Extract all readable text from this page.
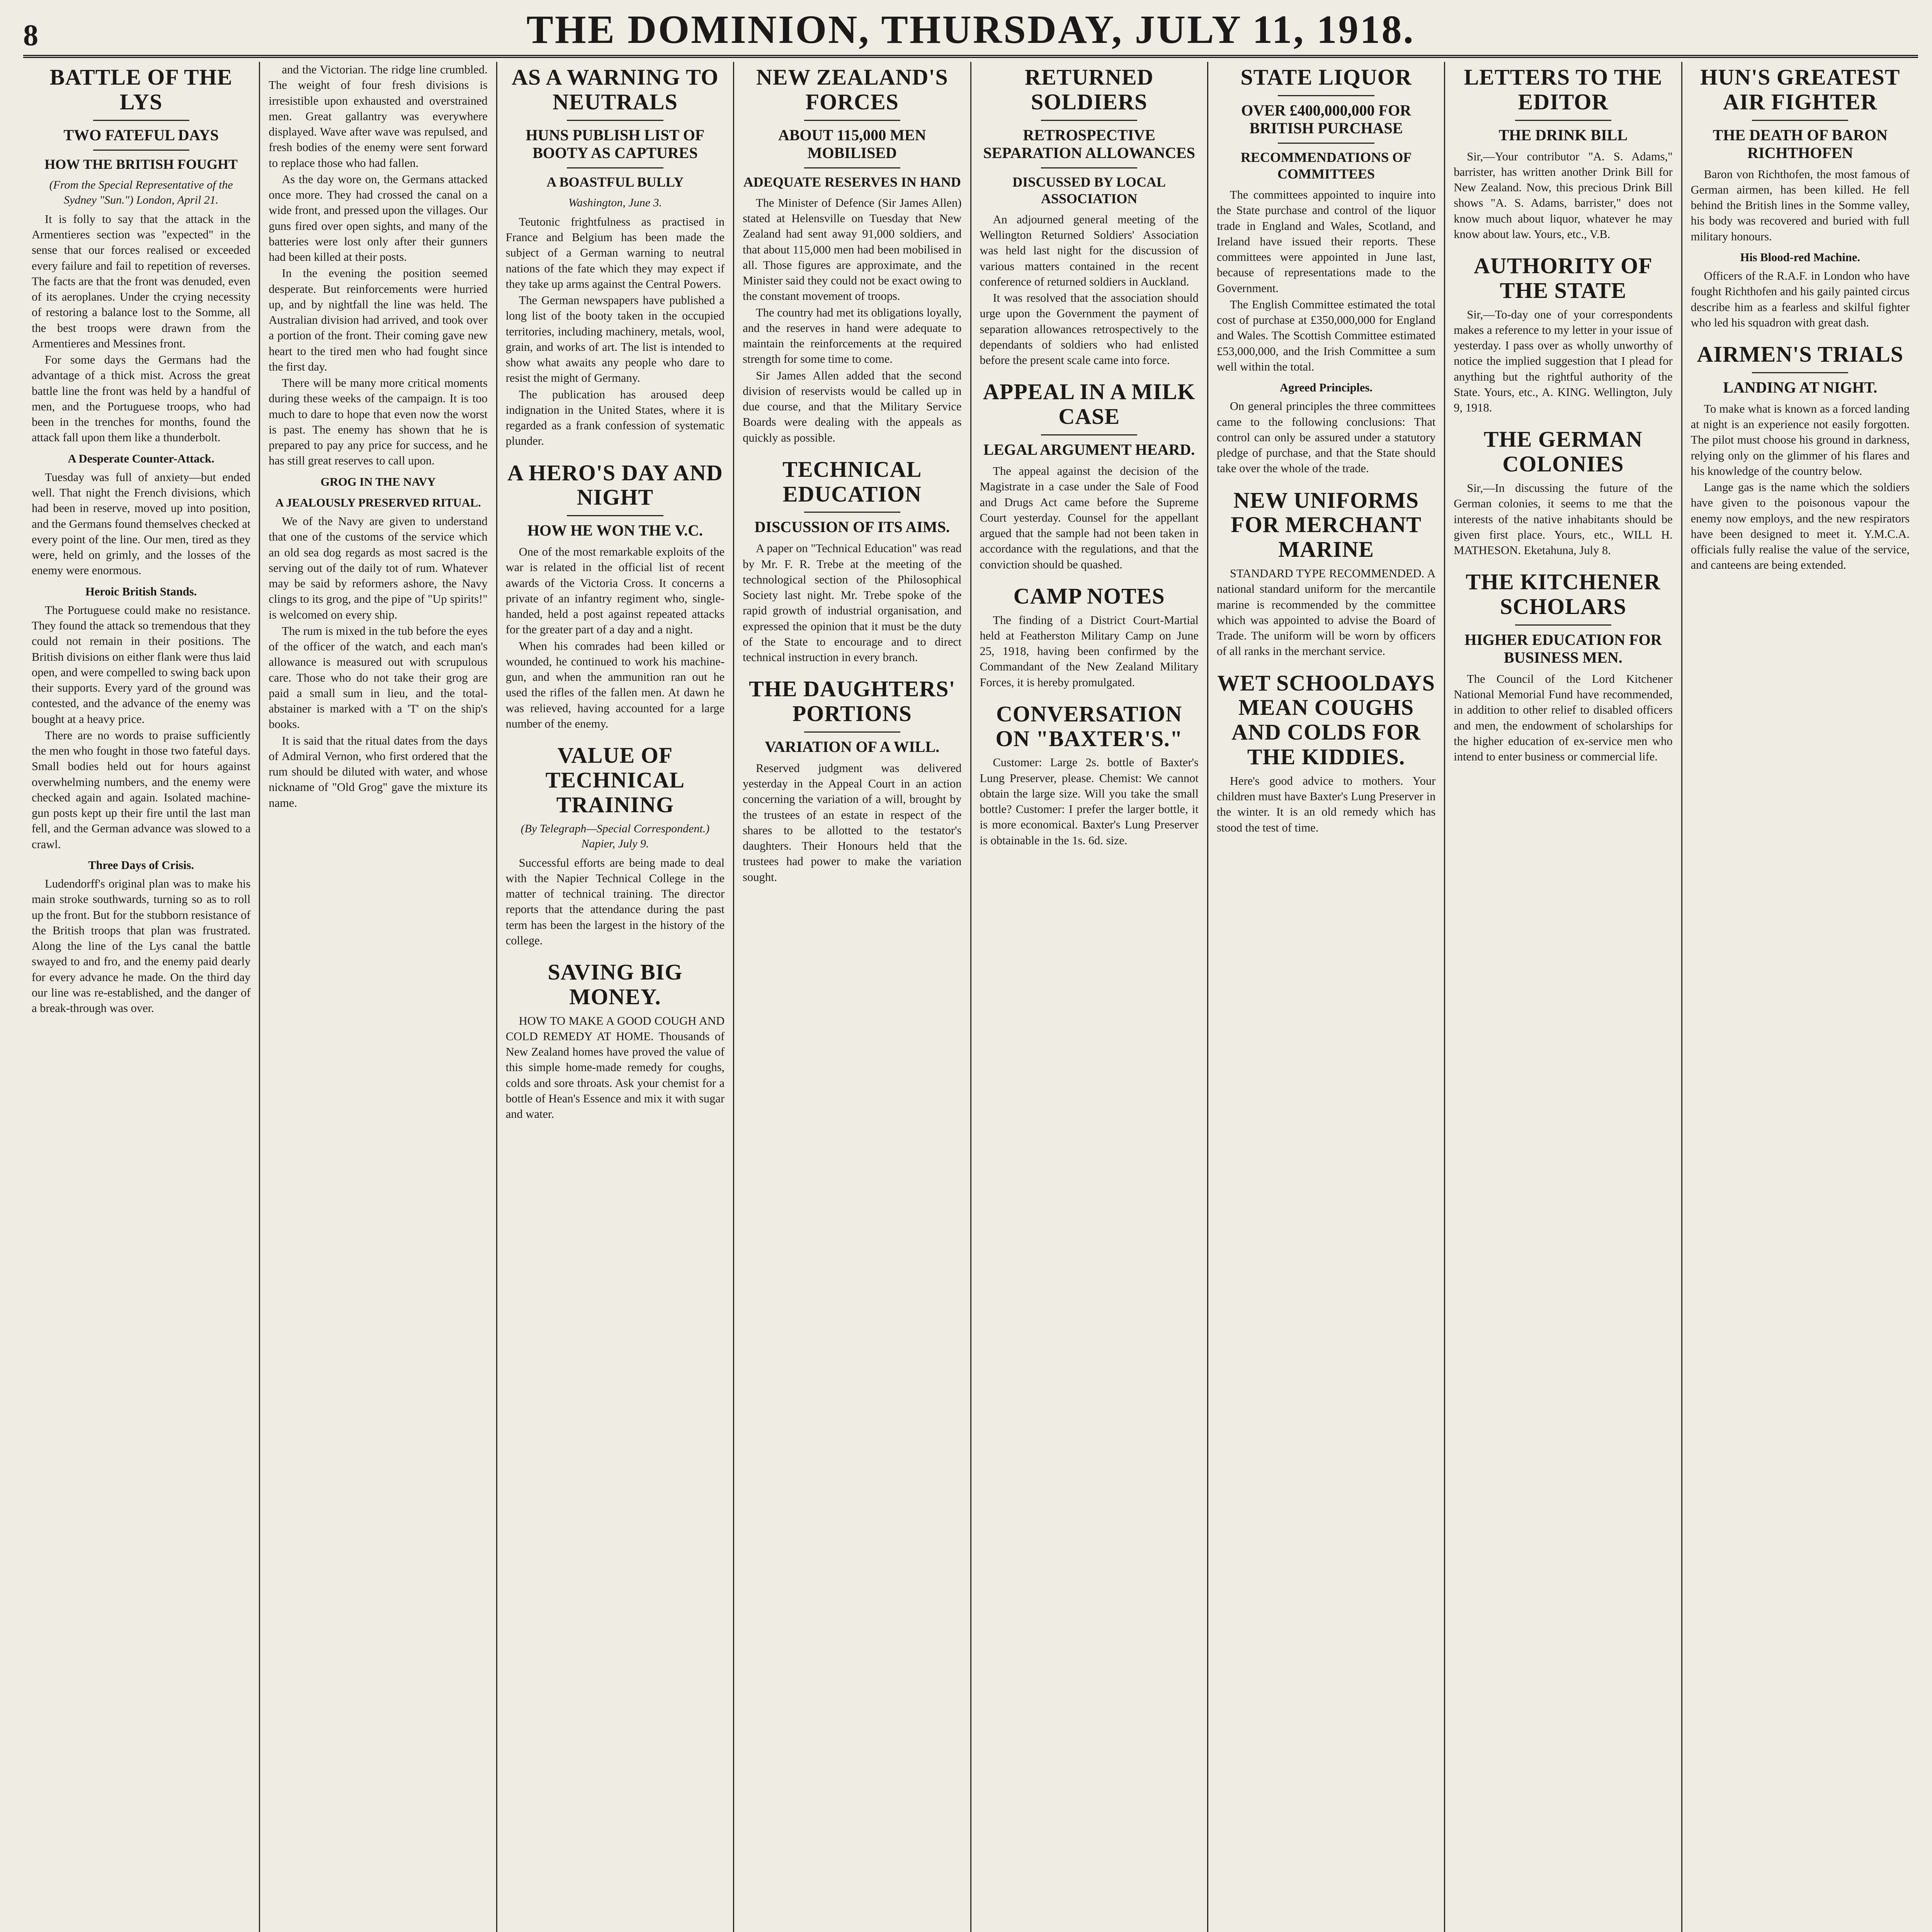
8	THE DOMINION, THURSDAY, JULY 11, 1918.
BATTLE OF THE LYS
TWO FATEFUL DAYS
HOW THE BRITISH FOUGHT
(From the Special Representative of the Sydney "Sun.") London, April 21.

It is folly to say that the attack in the Armentieres section was "expected" in the sense that our forces realised or exceeded every failure and fail to repetition of reverses. The facts are that the front was denuded, even of its aeroplanes. Under the crying necessity of restoring a balance lost to the Somme, all the best troops were drawn from the Armentieres and Messines front.

For some days the Germans had the advantage of a thick mist. Across the great battle line the front was held by a handful of men, and the Portuguese troops, who had been in the trenches for months, found the attack fall upon them like a thunderbolt.

A Desperate Counter-Attack.

Tuesday was full of anxiety—but ended well. That night the French divisions, which had been in reserve, moved up into position, and the Germans found themselves checked at every point of the line. Our men, tired as they were, held on grimly, and the losses of the enemy were enormous.

Heroic British Stands.

The Portuguese could make no resistance. They found the attack so tremendous that they could not remain in their positions. The British divisions on either flank were thus laid open, and were compelled to swing back upon their supports. Every yard of the ground was contested, and the advance of the enemy was bought at a heavy price.

There are no words to praise sufficiently the men who fought in those two fateful days. Small bodies held out for hours against overwhelming numbers, and the enemy were checked again and again. Isolated machine-gun posts kept up their fire until the last man fell, and the German advance was slowed to a crawl.

Three Days of Crisis.

Ludendorff's original plan was to make his main stroke southwards, turning so as to roll up the front. But for the stubborn resistance of the British troops that plan was frustrated. Along the line of the Lys canal the battle swayed to and fro, and the enemy paid dearly for every advance he made. On the third day our line was re-established, and the danger of a break-through was over.

and the Victorian. The ridge line crumbled. The weight of four fresh divisions is irresistible upon exhausted and overstrained men. Great gallantry was everywhere displayed. Wave after wave was repulsed, and fresh bodies of the enemy were sent forward to replace those who had fallen.

As the day wore on, the Germans attacked once more. They had crossed the canal on a wide front, and pressed upon the villages. Our guns fired over open sights, and many of the batteries were lost only after their gunners had been killed at their posts.

In the evening the position seemed desperate. But reinforcements were hurried up, and by nightfall the line was held. The Australian division had arrived, and took over a portion of the front. Their coming gave new heart to the tired men who had fought since the first day.

There will be many more critical moments during these weeks of the campaign. It is too much to dare to hope that even now the worst is past. The enemy has shown that he is prepared to pay any price for success, and he has still great reserves to call upon.

GROG IN THE NAVY

A JEALOUSLY PRESERVED RITUAL.

We of the Navy are given to understand that one of the customs of the service which an old sea dog regards as most sacred is the serving out of the daily tot of rum. Whatever may be said by reformers ashore, the Navy clings to its grog, and the pipe of "Up spirits!" is welcomed on every ship.

The rum is mixed in the tub before the eyes of the officer of the watch, and each man's allowance is measured out with scrupulous care. Those who do not take their grog are paid a small sum in lieu, and the total-abstainer is marked with a 'T' on the ship's books.

It is said that the ritual dates from the days of Admiral Vernon, who first ordered that the rum should be diluted with water, and whose nickname of "Old Grog" gave the mixture its name.

AS A WARNING TO NEUTRALS
HUNS PUBLISH LIST OF BOOTY AS CAPTURES
A BOASTFUL BULLY
Washington, June 3.

Teutonic frightfulness as practised in France and Belgium has been made the subject of a German warning to neutral nations of the fate which they may expect if they take up arms against the Central Powers.

The German newspapers have published a long list of the booty taken in the occupied territories, including machinery, metals, wool, grain, and works of art. The list is intended to show what awaits any people who dare to resist the might of Germany.

The publication has aroused deep indignation in the United States, where it is regarded as a frank confession of systematic plunder.

A HERO'S DAY AND NIGHT
HOW HE WON THE V.C.

One of the most remarkable exploits of the war is related in the official list of recent awards of the Victoria Cross. It concerns a private of an infantry regiment who, single-handed, held a post against repeated attacks for the greater part of a day and a night.

When his comrades had been killed or wounded, he continued to work his machine-gun, and when the ammunition ran out he used the rifles of the fallen men. At dawn he was relieved, having accounted for a large number of the enemy.

VALUE OF TECHNICAL TRAINING
(By Telegraph—Special Correspondent.) Napier, July 9.

Successful efforts are being made to deal with the Napier Technical College in the matter of technical training. The director reports that the attendance during the past term has been the largest in the history of the college.

SAVING BIG MONEY.

HOW TO MAKE A GOOD COUGH AND COLD REMEDY AT HOME. Thousands of New Zealand homes have proved the value of this simple home-made remedy for coughs, colds and sore throats. Ask your chemist for a bottle of Hean's Essence and mix it with sugar and water.

NEW ZEALAND'S FORCES
ABOUT 115,000 MEN MOBILISED
ADEQUATE RESERVES IN HAND

The Minister of Defence (Sir James Allen) stated at Helensville on Tuesday that New Zealand had sent away 91,000 soldiers, and that about 115,000 men had been mobilised in all. Those figures are approximate, and the Minister said they could not be exact owing to the constant movement of troops.

The country had met its obligations loyally, and the reserves in hand were adequate to maintain the reinforcements at the required strength for some time to come.

Sir James Allen added that the second division of reservists would be called up in due course, and that the Military Service Boards were dealing with the appeals as quickly as possible.

TECHNICAL EDUCATION
DISCUSSION OF ITS AIMS.

A paper on "Technical Education" was read by Mr. F. R. Trebe at the meeting of the technological section of the Philosophical Society last night. Mr. Trebe spoke of the rapid growth of industrial organisation, and expressed the opinion that it must be the duty of the State to encourage and to direct technical instruction in every branch.

THE DAUGHTERS' PORTIONS
VARIATION OF A WILL.

Reserved judgment was delivered yesterday in the Appeal Court in an action concerning the variation of a will, brought by the trustees of an estate in respect of the shares to be allotted to the testator's daughters. Their Honours held that the trustees had power to make the variation sought.

RETURNED SOLDIERS
RETROSPECTIVE SEPARATION ALLOWANCES
DISCUSSED BY LOCAL ASSOCIATION

An adjourned general meeting of the Wellington Returned Soldiers' Association was held last night for the discussion of various matters contained in the recent conference of returned soldiers in Auckland.

It was resolved that the association should urge upon the Government the payment of separation allowances retrospectively to the dependants of soldiers who had enlisted before the present scale came into force.

APPEAL IN A MILK CASE
LEGAL ARGUMENT HEARD.

The appeal against the decision of the Magistrate in a case under the Sale of Food and Drugs Act came before the Supreme Court yesterday. Counsel for the appellant argued that the sample had not been taken in accordance with the regulations, and that the conviction should be quashed.

CAMP NOTES

The finding of a District Court-Martial held at Featherston Military Camp on June 25, 1918, having been confirmed by the Commandant of the New Zealand Military Forces, it is hereby promulgated.

CONVERSATION ON "BAXTER'S."

Customer: Large 2s. bottle of Baxter's Lung Preserver, please. Chemist: We cannot obtain the large size. Will you take the small bottle? Customer: I prefer the larger bottle, it is more economical. Baxter's Lung Preserver is obtainable in the 1s. 6d. size.

STATE LIQUOR
OVER £400,000,000 FOR BRITISH PURCHASE
RECOMMENDATIONS OF COMMITTEES

The committees appointed to inquire into the State purchase and control of the liquor trade in England and Wales, Scotland, and Ireland have issued their reports. These committees were appointed in June last, because of representations made to the Government.

The English Committee estimated the total cost of purchase at £350,000,000 for England and Wales. The Scottish Committee estimated £53,000,000, and the Irish Committee a sum well within the total.

Agreed Principles.

On general principles the three committees came to the following conclusions: That control can only be assured under a statutory pledge of purchase, and that the State should take over the whole of the trade.

NEW UNIFORMS FOR MERCHANT MARINE

STANDARD TYPE RECOMMENDED. A national standard uniform for the mercantile marine is recommended by the committee which was appointed to advise the Board of Trade. The uniform will be worn by officers of all ranks in the merchant service.

WET SCHOOLDAYS MEAN COUGHS AND COLDS FOR THE KIDDIES.

Here's good advice to mothers. Your children must have Baxter's Lung Preserver in the winter. It is an old remedy which has stood the test of time.

LETTERS TO THE EDITOR
THE DRINK BILL

Sir,—Your contributor "A. S. Adams," barrister, has written another Drink Bill for New Zealand. Now, this precious Drink Bill shows "A. S. Adams, barrister," does not know much about liquor, whatever he may know about law. Yours, etc., V.B.

AUTHORITY OF THE STATE

Sir,—To-day one of your correspondents makes a reference to my letter in your issue of yesterday. I pass over as wholly unworthy of notice the implied suggestion that I plead for anything but the rightful authority of the State. Yours, etc., A. KING. Wellington, July 9, 1918.

THE GERMAN COLONIES

Sir,—In discussing the future of the German colonies, it seems to me that the interests of the native inhabitants should be given first place. Yours, etc., WILL H. MATHESON. Eketahuna, July 8.

THE KITCHENER SCHOLARS
HIGHER EDUCATION FOR BUSINESS MEN.

The Council of the Lord Kitchener National Memorial Fund have recommended, in addition to other relief to disabled officers and men, the endowment of scholarships for the higher education of ex-service men who intend to enter business or commercial life.

HUN'S GREATEST AIR FIGHTER
THE DEATH OF BARON RICHTHOFEN

Baron von Richthofen, the most famous of German airmen, has been killed. He fell behind the British lines in the Somme valley, his body was recovered and buried with full military honours.

His Blood-red Machine.

Officers of the R.A.F. in London who have fought Richthofen and his gaily painted circus describe him as a fearless and skilful fighter who led his squadron with great dash.

AIRMEN'S TRIALS
LANDING AT NIGHT.

To make what is known as a forced landing at night is an experience not easily forgotten. The pilot must choose his ground in darkness, relying only on the glimmer of his flares and his knowledge of the country below.

Lange gas is the name which the soldiers have given to the poisonous vapour the enemy now employs, and the new respirators have been designed to meet it. Y.M.C.A. officials fully realise the value of the service, and canteens are being extended.
